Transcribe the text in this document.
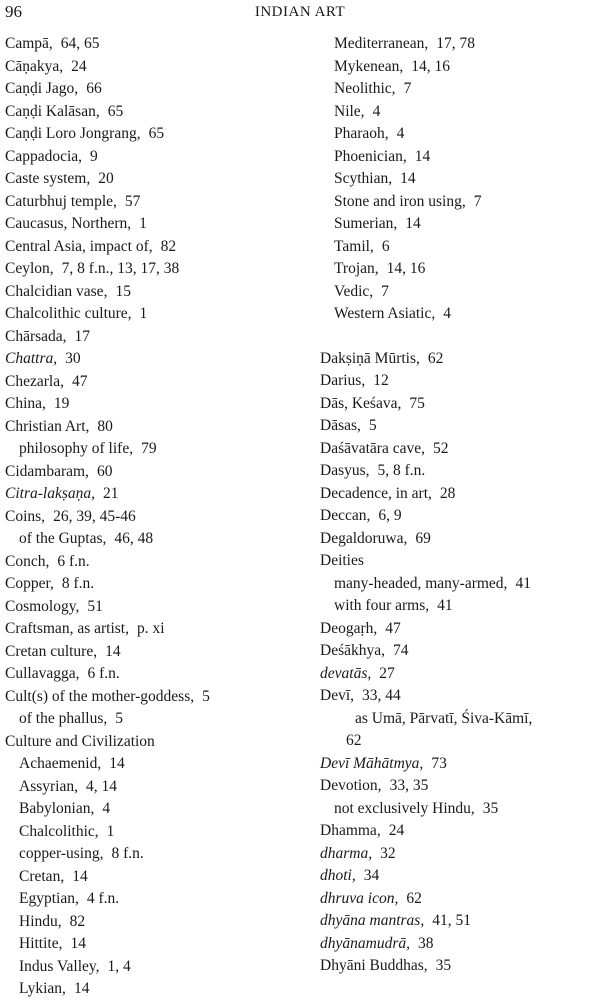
96	INDIAN ART
Campā, 64, 65
Cāṇakya, 24
Caṇḍi Jago, 66
Caṇḍi Kalāsan, 65
Caṇḍi Loro Jongrang, 65
Cappadocia, 9
Caste system, 20
Caturbhuj temple, 57
Caucasus, Northern, 1
Central Asia, impact of, 82
Ceylon, 7, 8 f.n., 13, 17, 38
Chalcidian vase, 15
Chalcolithic culture, 1
Chārsada, 17
Chattra, 30
Chezarla, 47
China, 19
Christian Art, 80
philosophy of life, 79
Cidambaram, 60
Citra-lakṣaṇa, 21
Coins, 26, 39, 45-46
of the Guptas, 46, 48
Conch, 6 f.n.
Copper, 8 f.n.
Cosmology, 51
Craftsman, as artist, p. xi
Cretan culture, 14
Cullavagga, 6 f.n.
Cult(s) of the mother-goddess, 5
of the phallus, 5
Culture and Civilization
Achaemenid, 14
Assyrian, 4, 14
Babylonian, 4
Chalcolithic, 1
copper-using, 8 f.n.
Cretan, 14
Egyptian, 4 f.n.
Hindu, 82
Hittite, 14
Indus Valley, 1, 4
Lykian, 14
Mediterranean, 17, 78
Mykenean, 14, 16
Neolithic, 7
Nile, 4
Pharaoh, 4
Phoenician, 14
Scythian, 14
Stone and iron using, 7
Sumerian, 14
Tamil, 6
Trojan, 14, 16
Vedic, 7
Western Asiatic, 4
Dakṣiṇā Mūrtis, 62
Darius, 12
Dās, Keśava, 75
Dāsas, 5
Daśāvatāra cave, 52
Dasyus, 5, 8 f.n.
Decadence, in art, 28
Deccan, 6, 9
Degaldoruwa, 69
Deities
many-headed, many-armed, 41
with four arms, 41
Deogaṛh, 47
Deśākhya, 74
devatās, 27
Devī, 33, 44
as Umā, Pārvatī, Śiva-Kāmī,
62
Devī Māhātmya, 73
Devotion, 33, 35
not exclusively Hindu, 35
Dhamma, 24
dharma, 32
dhoti, 34
dhruva icon, 62
dhyāna mantras, 41, 51
dhyānamudrā, 38
Dhyāni Buddhas, 35
